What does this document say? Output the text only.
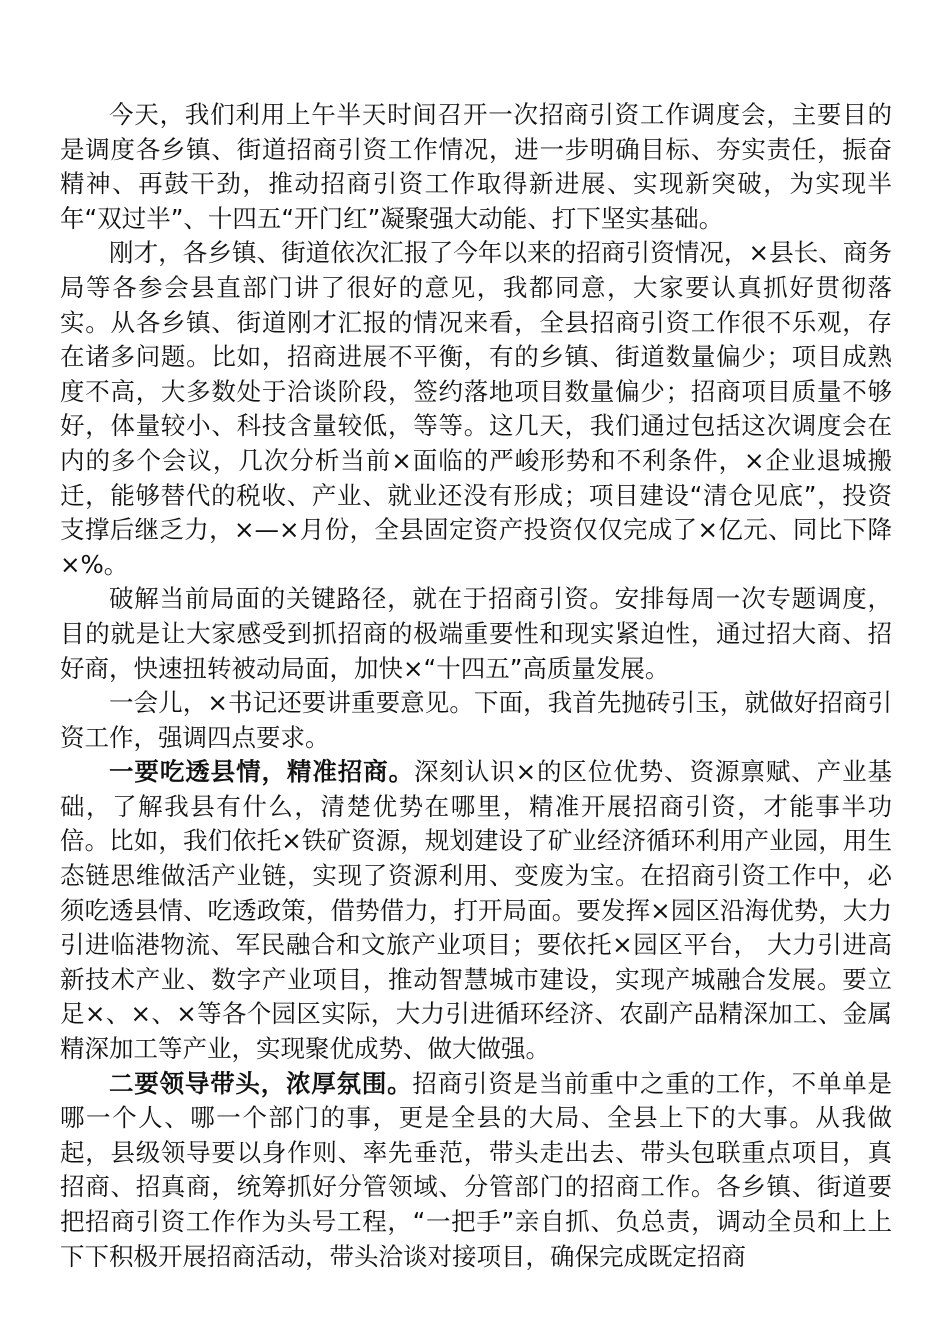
今天，我们利用上午半天时间召开一次招商引资工作调度会，主要目的是调度各乡镇、街道招商引资工作情况，进一步明确目标、夯实责任，振奋精神、再鼓干劲，推动招商引资工作取得新进展、实现新突破，为实现半年“双过半”、十四五“开门红”凝聚强大动能、打下坚实基础。

刚才，各乡镇、街道依次汇报了今年以来的招商引资情况，×县长、商务局等各参会县直部门讲了很好的意见，我都同意，大家要认真抓好贯彻落实。从各乡镇、街道刚才汇报的情况来看，全县招商引资工作很不乐观，存在诸多问题。比如，招商进展不平衡，有的乡镇、街道数量偏少；项目成熟度不高，大多数处于洽谈阶段，签约落地项目数量偏少；招商项目质量不够好，体量较小、科技含量较低，等等。这几天，我们通过包括这次调度会在内的多个会议，几次分析当前×面临的严峻形势和不利条件，×企业退城搬迁，能够替代的税收、产业、就业还没有形成；项目建设“清仓见底”，投资支撑后继乏力，×—×月份，全县固定资产投资仅仅完成了×亿元、同比下降×%。

破解当前局面的关键路径，就在于招商引资。安排每周一次专题调度，目的就是让大家感受到抓招商的极端重要性和现实紧迫性，通过招大商、招好商，快速扭转被动局面，加快×“十四五”高质量发展。

一会儿，×书记还要讲重要意见。下面，我首先抛砖引玉，就做好招商引资工作，强调四点要求。

一要吃透县情，精准招商。深刻认识×的区位优势、资源禀赋、产业基础，了解我县有什么，清楚优势在哪里，精准开展招商引资，才能事半功倍。比如，我们依托×铁矿资源，规划建设了矿业经济循环利用产业园，用生态链思维做活产业链，实现了资源利用、变废为宝。在招商引资工作中，必须吃透县情、吃透政策，借势借力，打开局面。要发挥×园区沿海优势，大力引进临港物流、军民融合和文旅产业项目；要依托×园区平台， 大力引进高新技术产业、数字产业项目，推动智慧城市建设，实现产城融合发展。要立足×、×、×等各个园区实际，大力引进循环经济、农副产品精深加工、金属精深加工等产业，实现聚优成势、做大做强。

二要领导带头，浓厚氛围。招商引资是当前重中之重的工作，不单单是哪一个人、哪一个部门的事，更是全县的大局、全县上下的大事。从我做起，县级领导要以身作则、率先垂范，带头走出去、带头包联重点项目，真招商、招真商，统筹抓好分管领域、分管部门的招商工作。各乡镇、街道要把招商引资工作作为头号工程，“一把手”亲自抓、负总责，调动全员和上上下下积极开展招商活动，带头洽谈对接项目，确保完成既定招商
